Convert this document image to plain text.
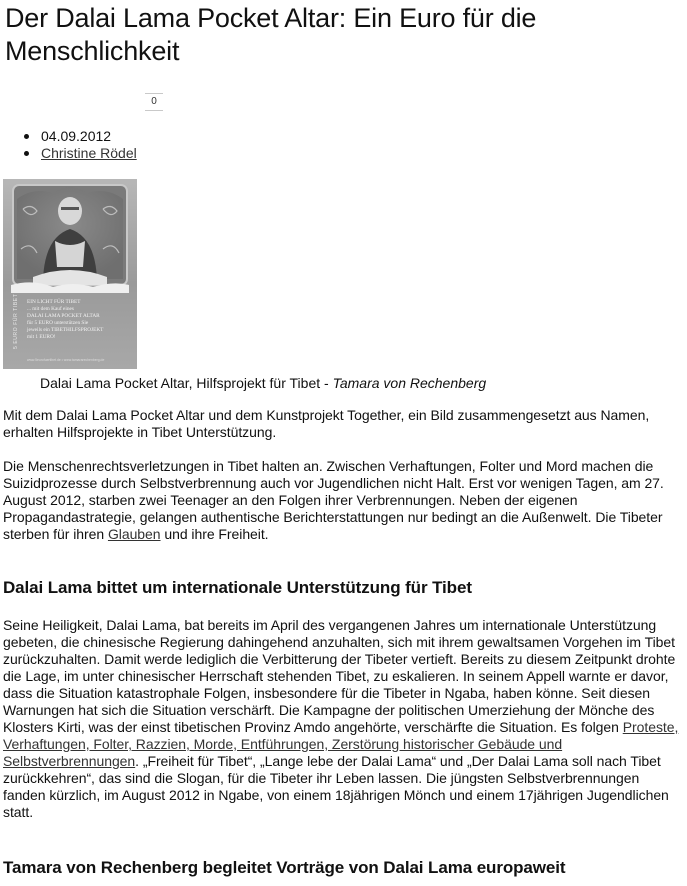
Der Dalai Lama Pocket Altar: Ein Euro für die Menschlichkeit
0
04.09.2012
Christine Rödel
5 EURO FÜR TIBET EIN LICHT FÜR TIBET
... mit dem Kauf eines
DALAI LAMA POCKET ALTAR
für 5 EURO unterstützen Sie
jeweils ein TIBETHILFSPROJEKT
mit 1 EURO!
www.5eurofuertibet.de • www.tamararechenberg.de
Dalai Lama Pocket Altar, Hilfsprojekt für Tibet - Tamara von Rechenberg

Mit dem Dalai Lama Pocket Altar und dem Kunstprojekt Together, ein Bild zusammengesetzt aus Namen, erhalten Hilfsprojekte in Tibet Unterstützung.

Die Menschenrechtsverletzungen in Tibet halten an. Zwischen Verhaftungen, Folter und Mord machen die Suizidprozesse durch Selbstverbrennung auch vor Jugendlichen nicht Halt. Erst vor wenigen Tagen, am 27. August 2012, starben zwei Teenager an den Folgen ihrer Verbrennungen. Neben der eigenen Propagandastrategie, gelangen authentische Berichterstattungen nur bedingt an die Außenwelt. Die Tibeter sterben für ihren Glauben und ihre Freiheit.

Dalai Lama bittet um internationale Unterstützung für Tibet

Seine Heiligkeit, Dalai Lama, bat bereits im April des vergangenen Jahres um internationale Unterstützung gebeten, die chinesische Regierung dahingehend anzuhalten, sich mit ihrem gewaltsamen Vorgehen im Tibet zurückzuhalten. Damit werde lediglich die Verbitterung der Tibeter vertieft. Bereits zu diesem Zeitpunkt drohte die Lage, im unter chinesischer Herrschaft stehenden Tibet, zu eskalieren. In seinem Appell warnte er davor, dass die Situation katastrophale Folgen, insbesondere für die Tibeter in Ngaba, haben könne. Seit diesen Warnungen hat sich die Situation verschärft. Die Kampagne der politischen Umerziehung der Mönche des Klosters Kirti, was der einst tibetischen Provinz Amdo angehörte, verschärfte die Situation. Es folgen Proteste, Verhaftungen, Folter, Razzien, Morde, Entführungen, Zerstörung historischer Gebäude und Selbstverbrennungen. „Freiheit für Tibet“, „Lange lebe der Dalai Lama“ und „Der Dalai Lama soll nach Tibet zurückkehren“, das sind die Slogan, für die Tibeter ihr Leben lassen. Die jüngsten Selbstverbrennungen fanden kürzlich, im August 2012 in Ngabe, von einem 18jährigen Mönch und einem 17jährigen Jugendlichen statt.

Tamara von Rechenberg begleitet Vorträge von Dalai Lama europaweit
